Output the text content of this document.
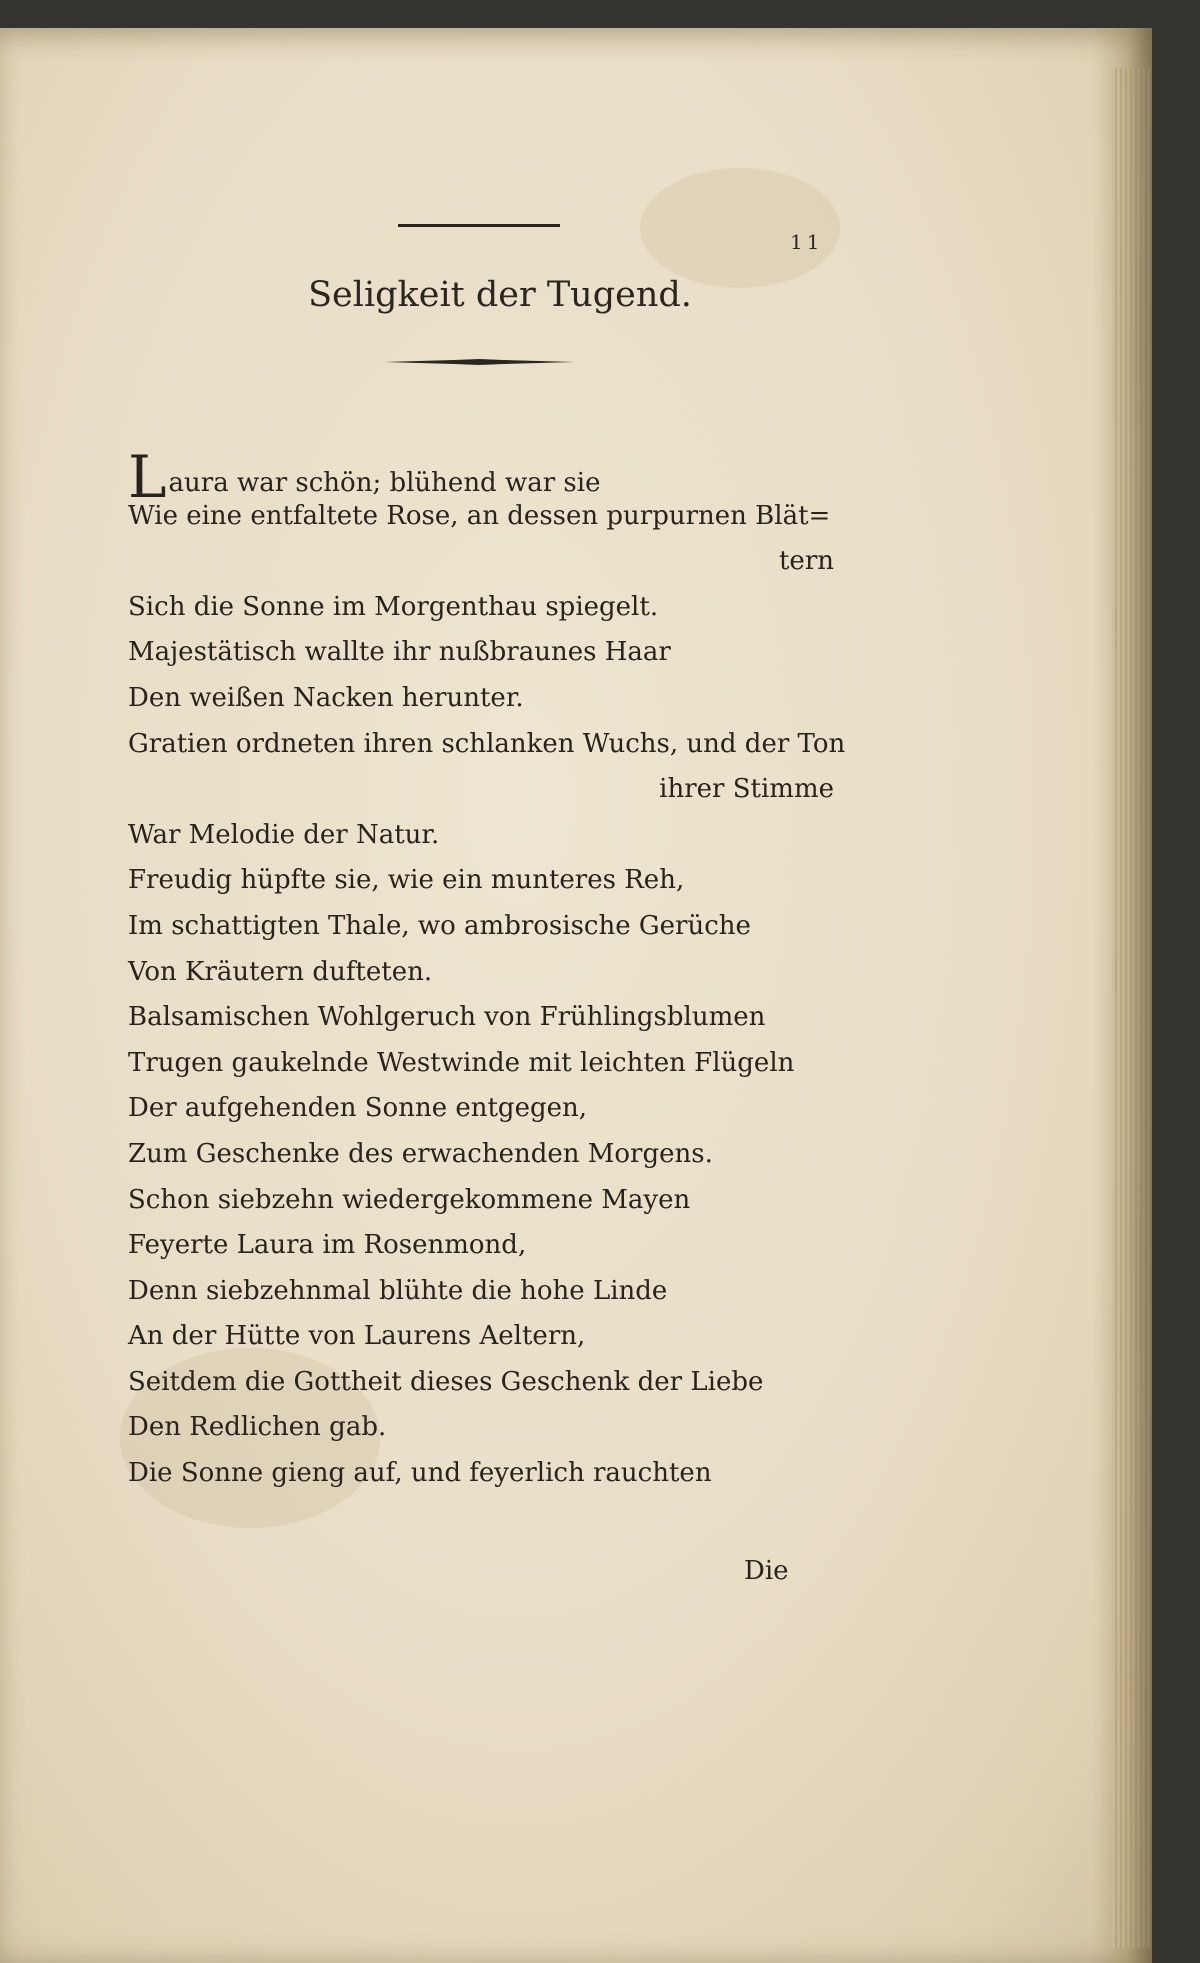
11
Seligkeit der Tugend.
Laura war schön; blühend war sie
Wie eine entfaltete Rose, an dessen purpurnen Blät=
tern
Sich die Sonne im Morgenthau spiegelt.
Majestätisch wallte ihr nußbraunes Haar
Den weißen Nacken herunter.
Gratien ordneten ihren schlanken Wuchs, und der Ton
ihrer Stimme
War Melodie der Natur.
Freudig hüpfte sie, wie ein munteres Reh,
Im schattigten Thale, wo ambrosische Gerüche
Von Kräutern dufteten.
Balsamischen Wohlgeruch von Frühlingsblumen
Trugen gaukelnde Westwinde mit leichten Flügeln
Der aufgehenden Sonne entgegen,
Zum Geschenke des erwachenden Morgens.
Schon siebzehn wiedergekommene Mayen
Feyerte Laura im Rosenmond,
Denn siebzehnmal blühte die hohe Linde
An der Hütte von Laurens Aeltern,
Seitdem die Gottheit dieses Geschenk der Liebe
Den Redlichen gab.
Die Sonne gieng auf, und feyerlich rauchten
Die
